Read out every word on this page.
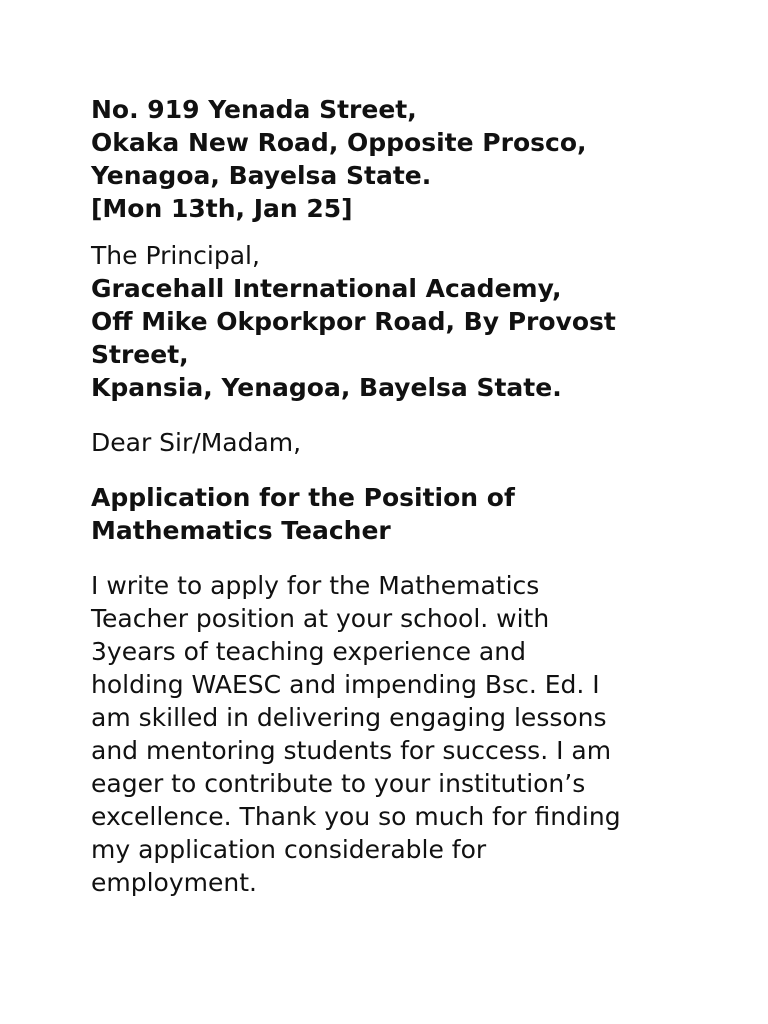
No. 919 Yenada Street,
Okaka New Road, Opposite Prosco,
Yenagoa, Bayelsa State.
[Mon 13th, Jan 25]
The Principal,
Gracehall International Academy,
Off Mike Okporkpor Road, By Provost
Street,
Kpansia, Yenagoa, Bayelsa State.
Dear Sir/Madam,
Application for the Position of
Mathematics Teacher
I write to apply for the Mathematics
Teacher position at your school. with
3years of teaching experience and
holding WAESC and impending Bsc. Ed. I
am skilled in delivering engaging lessons
and mentoring students for success. I am
eager to contribute to your institution’s
excellence. Thank you so much for finding
my application considerable for
employment.
